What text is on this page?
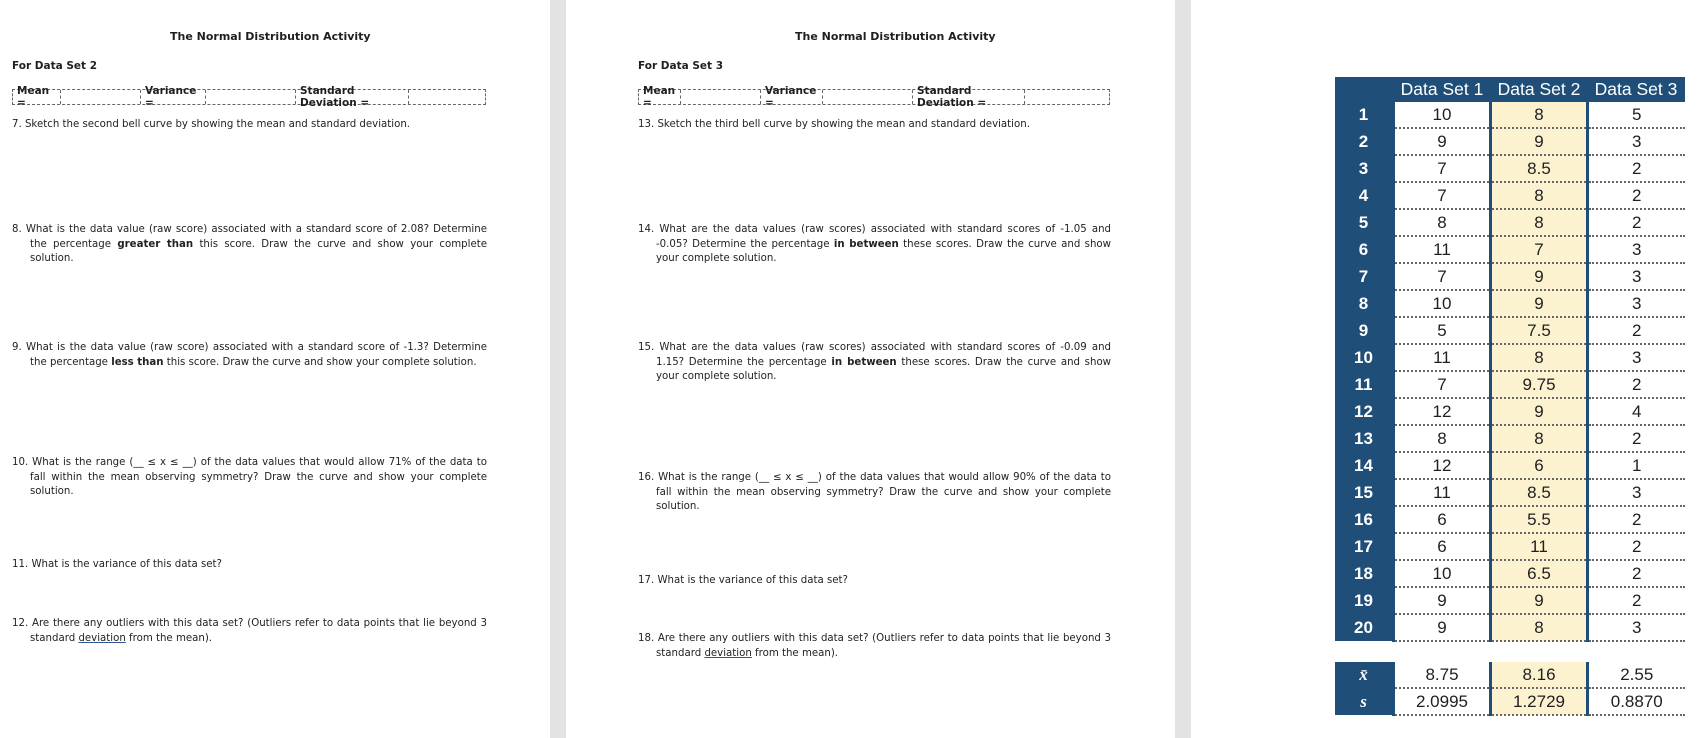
The Normal Distribution Activity
For Data Set 2
Mean =
Variance =
Standard Deviation =
7. Sketch the second bell curve by showing the mean and standard deviation.
8. What is the data value (raw score) associated with a standard score of 2.08? Determine the percentage greater than this score. Draw the curve and show your complete solution.
9. What is the data value (raw score) associated with a standard score of -1.3? Determine the percentage less than this score. Draw the curve and show your complete solution.
10. What is the range (__ ≤ x ≤ __) of the data values that would allow 71% of the data to fall within the mean observing symmetry? Draw the curve and show your complete solution.
11. What is the variance of this data set?
12. Are there any outliers with this data set? (Outliers refer to data points that lie beyond 3 standard deviation from the mean).
The Normal Distribution Activity
For Data Set 3
Mean =
Variance =
Standard Deviation =
13. Sketch the third bell curve by showing the mean and standard deviation.
14. What are the data values (raw scores) associated with standard scores of -1.05 and -0.05? Determine the percentage in between these scores. Draw the curve and show your complete solution.
15. What are the data values (raw scores) associated with standard scores of -0.09 and 1.15? Determine the percentage in between these scores. Draw the curve and show your complete solution.
16. What is the range (__ ≤ x ≤ __) of the data values that would allow 90% of the data to fall within the mean observing symmetry? Draw the curve and show your complete solution.
17. What is the variance of this data set?
18. Are there any outliers with this data set? (Outliers refer to data points that lie beyond 3 standard deviation from the mean).
	Data Set 1	Data Set 2	Data Set 3
1	10	8	5
2	9	9	3
3	7	8.5	2
4	7	8	2
5	8	8	2
6	11	7	3
7	7	9	3
8	10	9	3
9	5	7.5	2
10	11	8	3
11	7	9.75	2
12	12	9	4
13	8	8	2
14	12	6	1
15	11	8.5	3
16	6	5.5	2
17	6	11	2
18	10	6.5	2
19	9	9	2
20	9	8	3

x̄	8.75	8.16	2.55
s	2.0995	1.2729	0.8870
